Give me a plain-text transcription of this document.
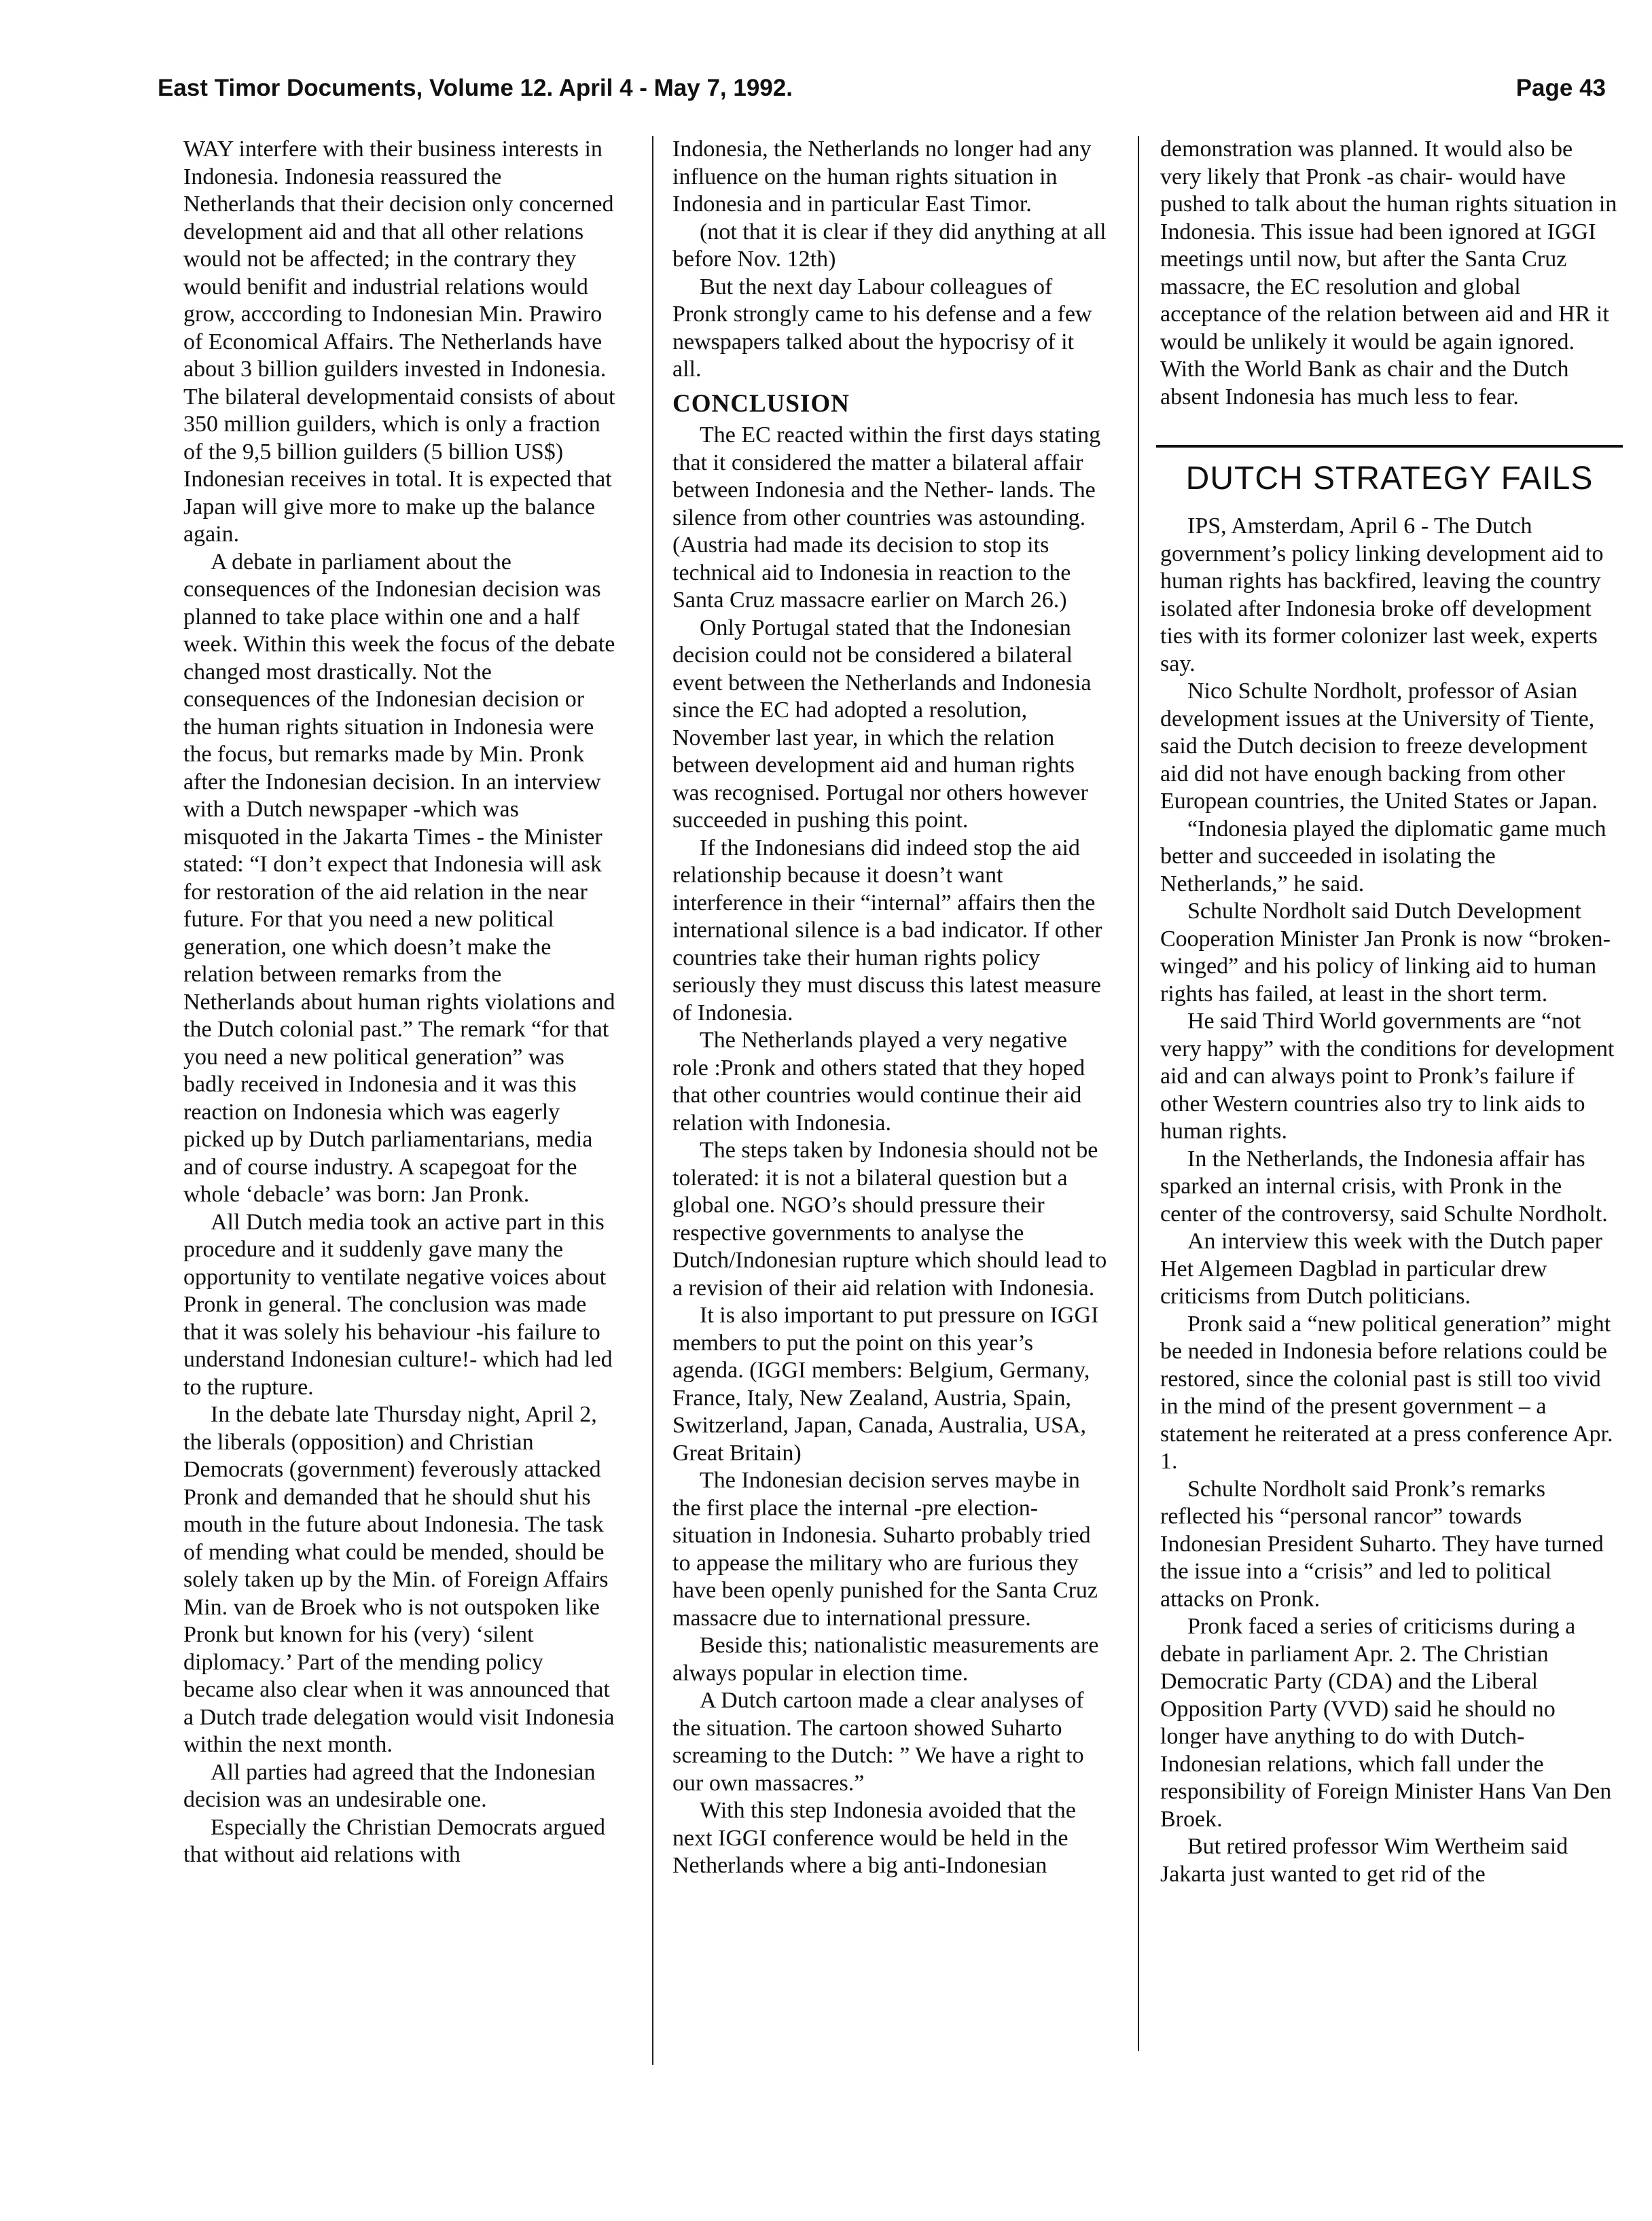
East Timor Documents, Volume 12. April 4 - May 7, 1992.	Page 43

WAY interfere with their business interests in Indonesia. Indonesia reassured the Netherlands that their decision only concerned development aid and that all other relations would not be affected; in the contrary they would benifit and industrial relations would grow, acccording to Indonesian Min. Prawiro of Economical Affairs. The Netherlands have about 3 billion guilders invested in Indonesia. The bilateral developmentaid consists of about 350 million guilders, which is only a fraction of the 9,5 billion guilders (5 billion US$) Indonesian receives in total. It is expected that Japan will give more to make up the balance again.

A debate in parliament about the consequences of the Indonesian decision was planned to take place within one and a half week. Within this week the focus of the debate changed most drastically. Not the consequences of the Indonesian decision or the human rights situation in Indonesia were the focus, but remarks made by Min. Pronk after the Indonesian decision. In an interview with a Dutch newspaper -which was misquoted in the Jakarta Times - the Minister stated: “I don’t expect that Indonesia will ask for restoration of the aid relation in the near future. For that you need a new political generation, one which doesn’t make the relation between remarks from the Netherlands about human rights violations and the Dutch colonial past.” The remark “for that you need a new political generation” was badly received in Indonesia and it was this reaction on Indonesia which was eagerly picked up by Dutch parliamentarians, media and of course industry. A scapegoat for the whole ‘debacle’ was born: Jan Pronk.

All Dutch media took an active part in this procedure and it suddenly gave many the opportunity to ventilate negative voices about Pronk in general. The conclusion was made that it was solely his behaviour -his failure to understand Indonesian culture!- which had led to the rupture.

In the debate late Thursday night, April 2, the liberals (opposition) and Christian Democrats (government) feverously attacked Pronk and demanded that he should shut his mouth in the future about Indonesia. The task of mending what could be mended, should be solely taken up by the Min. of Foreign Affairs Min. van de Broek who is not outspoken like Pronk but known for his (very) ‘silent diplomacy.’ Part of the mending policy became also clear when it was announced that a Dutch trade delegation would visit Indonesia within the next month.

All parties had agreed that the Indonesian decision was an undesirable one.

Especially the Christian Democrats argued that without aid relations with

Indonesia, the Netherlands no longer had any influence on the human rights situation in Indonesia and in particular East Timor.

(not that it is clear if they did anything at all before Nov. 12th)

But the next day Labour colleagues of Pronk strongly came to his defense and a few newspapers talked about the hypocrisy of it all.

CONCLUSION

The EC reacted within the first days stating that it considered the matter a bilateral affair between Indonesia and the Nether- lands. The silence from other countries was astounding. (Austria had made its decision to stop its technical aid to Indonesia in reaction to the Santa Cruz massacre earlier on March 26.)

Only Portugal stated that the Indonesian decision could not be considered a bilateral event between the Netherlands and Indonesia since the EC had adopted a resolution, November last year, in which the relation between development aid and human rights was recognised. Portugal nor others however succeeded in pushing this point.

If the Indonesians did indeed stop the aid relationship because it doesn’t want interference in their “internal” affairs then the international silence is a bad indicator. If other countries take their human rights policy seriously they must discuss this latest measure of Indonesia.

The Netherlands played a very negative role :Pronk and others stated that they hoped that other countries would continue their aid relation with Indonesia.

The steps taken by Indonesia should not be tolerated: it is not a bilateral question but a global one. NGO’s should pressure their respective governments to analyse the Dutch/Indonesian rupture which should lead to a revision of their aid relation with Indonesia.

It is also important to put pressure on IGGI members to put the point on this year’s agenda. (IGGI members: Belgium, Germany, France, Italy, New Zealand, Austria, Spain, Switzerland, Japan, Canada, Australia, USA, Great Britain)

The Indonesian decision serves maybe in the first place the internal -pre election- situation in Indonesia. Suharto probably tried to appease the military who are furious they have been openly punished for the Santa Cruz massacre due to international pressure.

Beside this; nationalistic measurements are always popular in election time.

A Dutch cartoon made a clear analyses of the situation. The cartoon showed Suharto screaming to the Dutch: ” We have a right to our own massacres.”

With this step Indonesia avoided that the next IGGI conference would be held in the Netherlands where a big anti-Indonesian

demonstration was planned. It would also be very likely that Pronk -as chair- would have pushed to talk about the human rights situation in Indonesia. This issue had been ignored at IGGI meetings until now, but after the Santa Cruz massacre, the EC resolution and global acceptance of the relation between aid and HR it would be unlikely it would be again ignored. With the World Bank as chair and the Dutch absent Indonesia has much less to fear.

DUTCH STRATEGY FAILS

IPS, Amsterdam, April 6 - The Dutch government’s policy linking development aid to human rights has backfired, leaving the country isolated after Indonesia broke off development ties with its former colonizer last week, experts say.

Nico Schulte Nordholt, professor of Asian development issues at the University of Tiente, said the Dutch decision to freeze development aid did not have enough backing from other European countries, the United States or Japan.

“Indonesia played the diplomatic game much better and succeeded in isolating the Netherlands,” he said.

Schulte Nordholt said Dutch Development Cooperation Minister Jan Pronk is now “broken-winged” and his policy of linking aid to human rights has failed, at least in the short term.

He said Third World governments are “not very happy” with the conditions for development aid and can always point to Pronk’s failure if other Western countries also try to link aids to human rights.

In the Netherlands, the Indonesia affair has sparked an internal crisis, with Pronk in the center of the controversy, said Schulte Nordholt.

An interview this week with the Dutch paper Het Algemeen Dagblad in particular drew criticisms from Dutch politicians.

Pronk said a “new political generation” might be needed in Indonesia before relations could be restored, since the colonial past is still too vivid in the mind of the present government – a statement he reiterated at a press conference Apr. 1.

Schulte Nordholt said Pronk’s remarks reflected his “personal rancor” towards Indonesian President Suharto. They have turned the issue into a “crisis” and led to political attacks on Pronk.

Pronk faced a series of criticisms during a debate in parliament Apr. 2. The Christian Democratic Party (CDA) and the Liberal Opposition Party (VVD) said he should no longer have anything to do with Dutch-Indonesian relations, which fall under the responsibility of Foreign Minister Hans Van Den Broek.

But retired professor Wim Wertheim said Jakarta just wanted to get rid of the
